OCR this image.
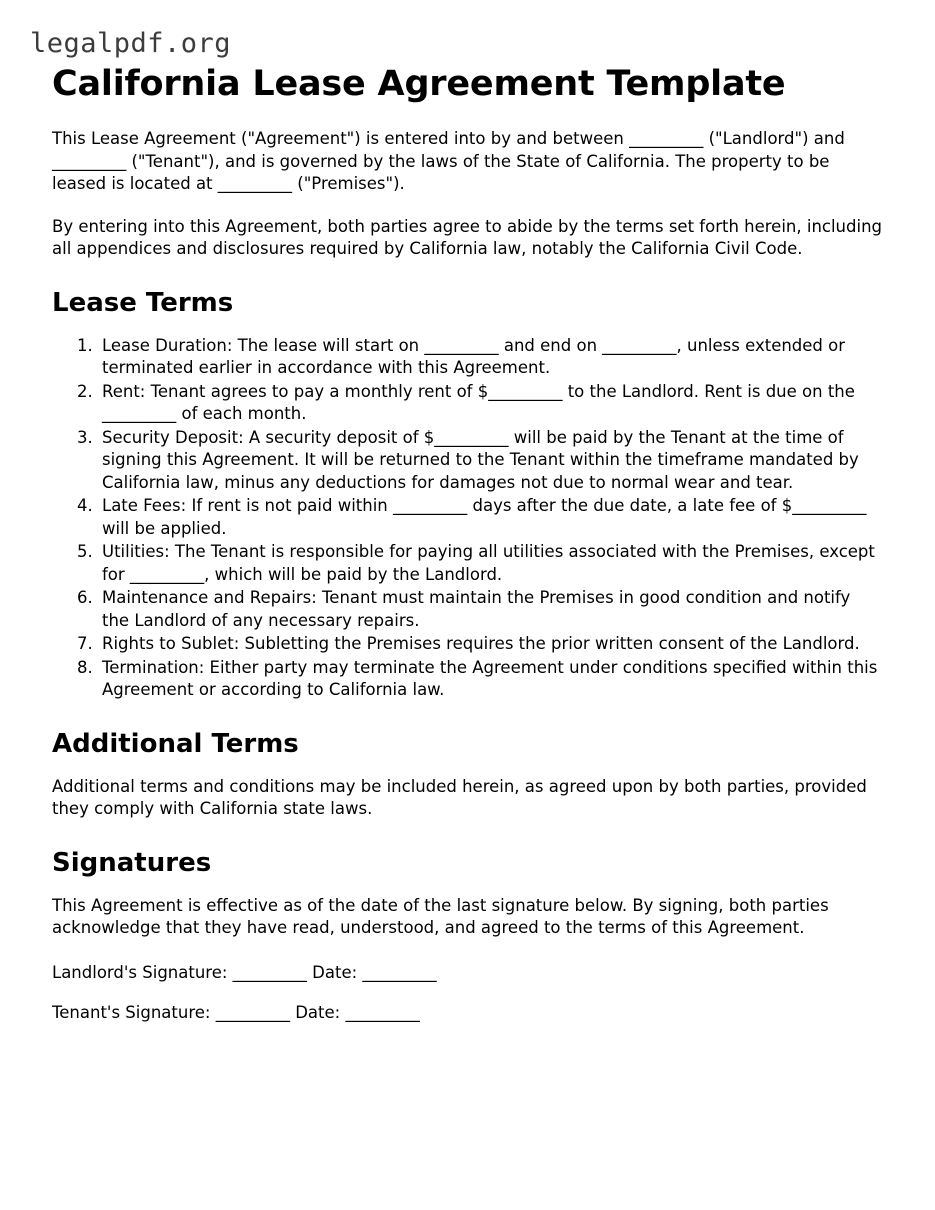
legalpdf.org
California Lease Agreement Template

This Lease Agreement ("Agreement") is entered into by and between _________ ("Landlord") and _________ ("Tenant"), and is governed by the laws of the State of California. The property to be leased is located at _________ ("Premises").

By entering into this Agreement, both parties agree to abide by the terms set forth herein, including all appendices and disclosures required by California law, notably the California Civil Code.

Lease Terms
1. Lease Duration: The lease will start on _________ and end on _________, unless extended or terminated earlier in accordance with this Agreement.
2. Rent: Tenant agrees to pay a monthly rent of $_________ to the Landlord. Rent is due on the _________ of each month.
3. Security Deposit: A security deposit of $_________ will be paid by the Tenant at the time of signing this Agreement. It will be returned to the Tenant within the timeframe mandated by California law, minus any deductions for damages not due to normal wear and tear.
4. Late Fees: If rent is not paid within _________ days after the due date, a late fee of $_________ will be applied.
5. Utilities: The Tenant is responsible for paying all utilities associated with the Premises, except for _________, which will be paid by the Landlord.
6. Maintenance and Repairs: Tenant must maintain the Premises in good condition and notify the Landlord of any necessary repairs.
7. Rights to Sublet: Subletting the Premises requires the prior written consent of the Landlord.
8. Termination: Either party may terminate the Agreement under conditions specified within this Agreement or according to California law.
Additional Terms

Additional terms and conditions may be included herein, as agreed upon by both parties, provided they comply with California state laws.

Signatures

This Agreement is effective as of the date of the last signature below. By signing, both parties acknowledge that they have read, understood, and agreed to the terms of this Agreement.

Landlord's Signature: _________ Date: _________
Tenant's Signature: _________ Date: _________
